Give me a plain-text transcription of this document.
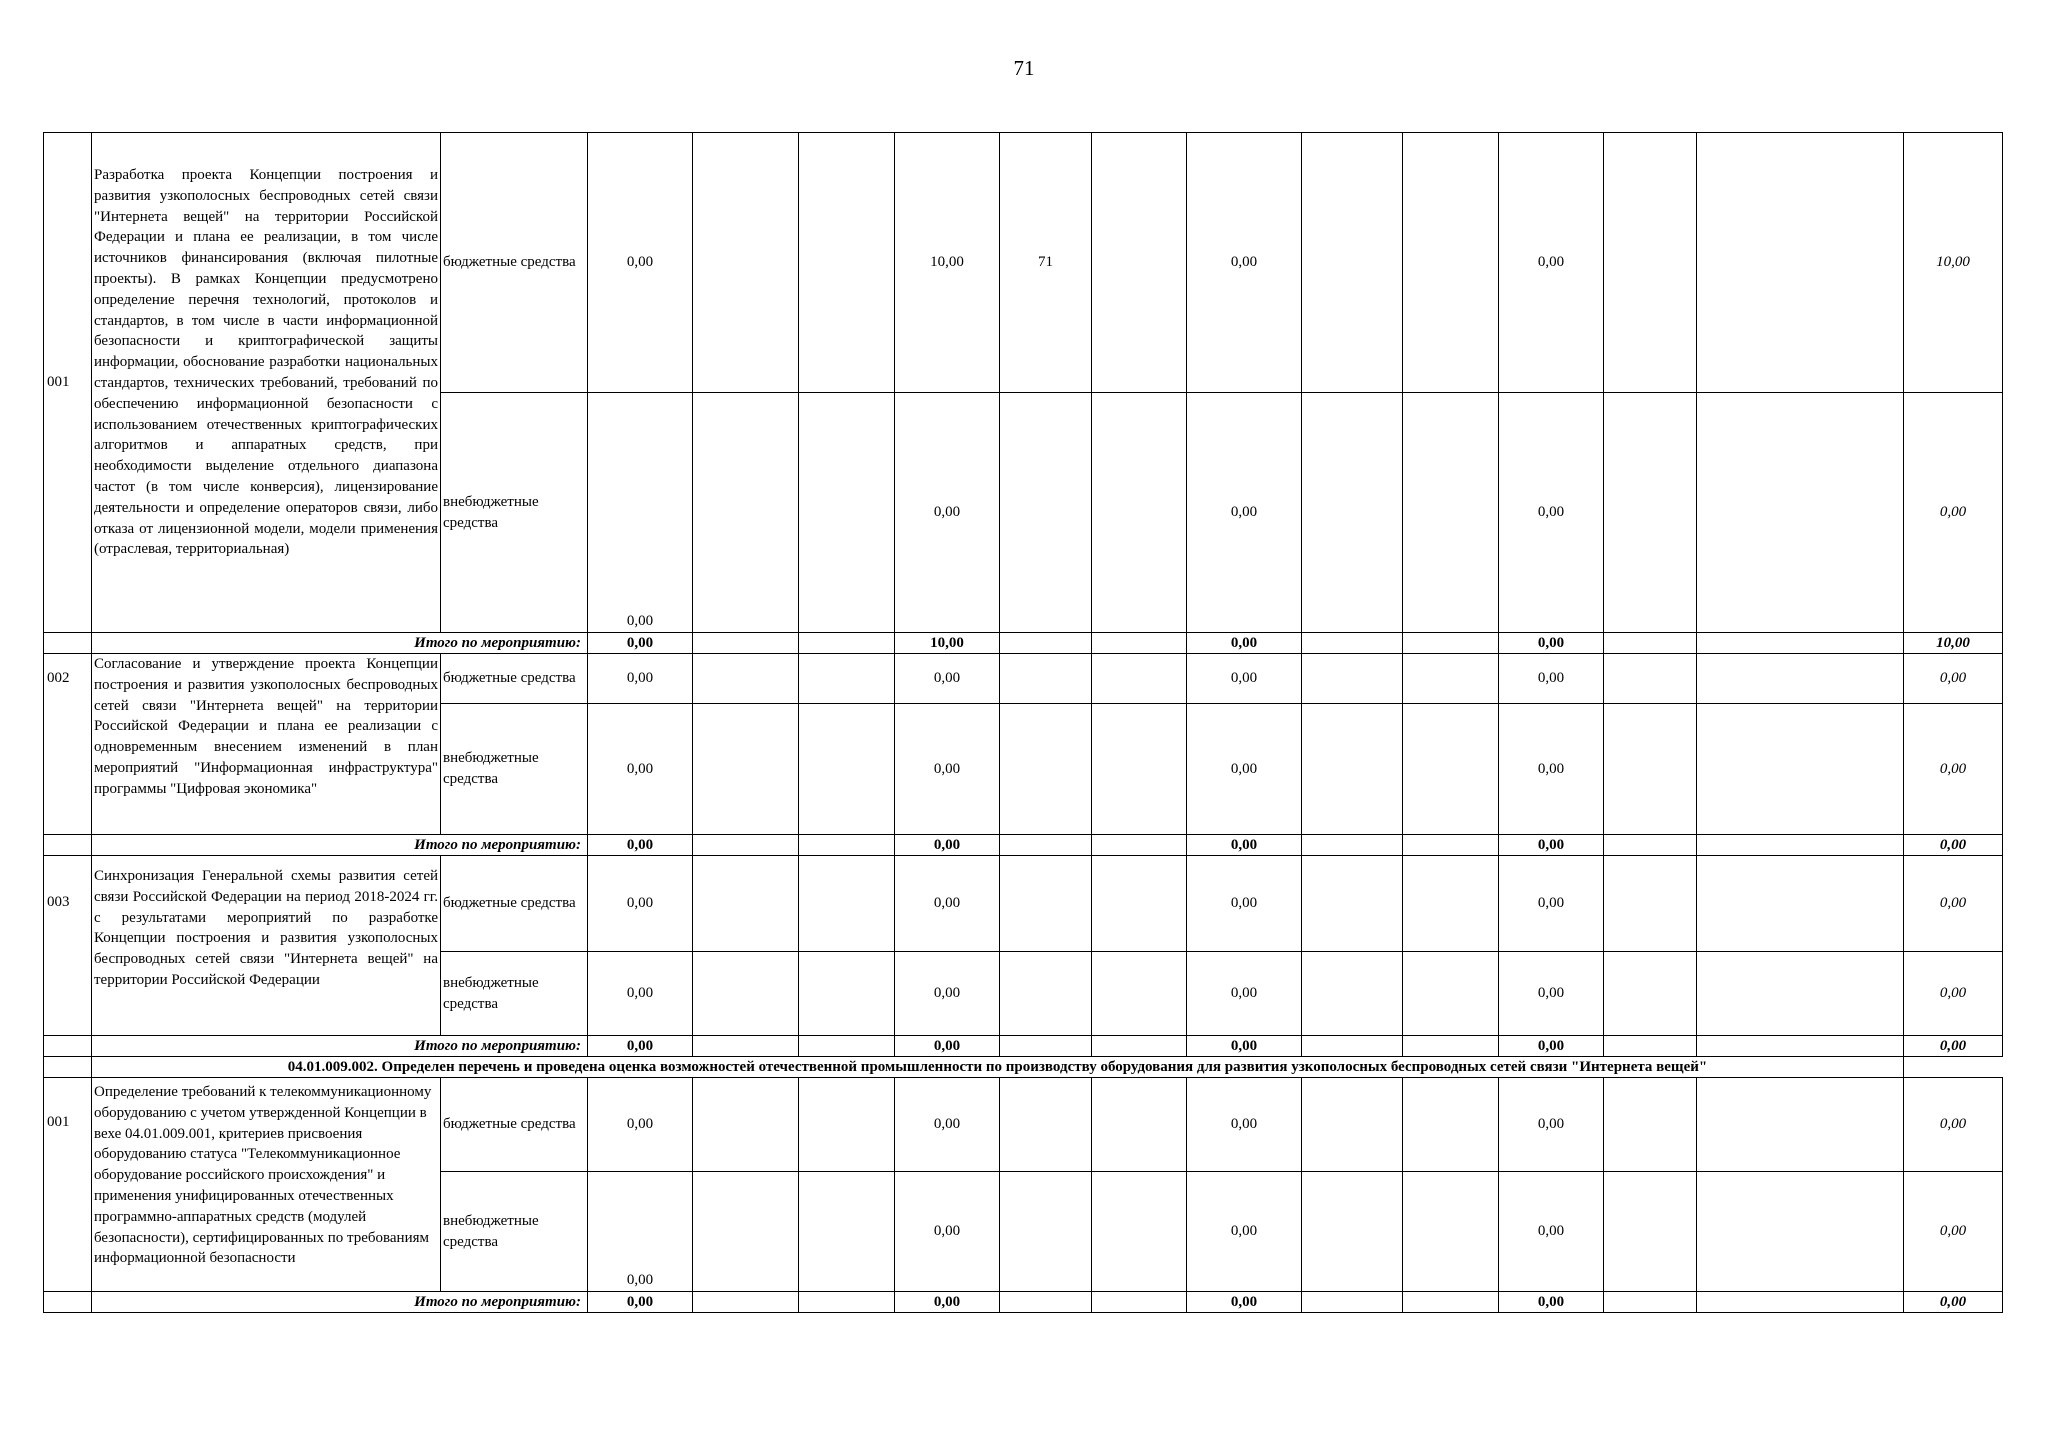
71
001	Разработка проекта Концепции построения и развития узкополосных беспроводных сетей связи "Интернета вещей" на территории Российской Федерации и плана ее реализации, в том числе источников финансирования (включая пилотные проекты). В рамках Концепции предусмотрено определение перечня технологий, протоколов и стандартов, в том числе в части информационной безопасности и криптографической защиты информации, обоснование разработки национальных стандартов, технических требований, требований по обеспечению информационной безопасности с использованием отечественных криптографических алгоритмов и аппаратных средств, при необходимости выделение отдельного диапазона частот (в том числе конверсия), лицензирование деятельности и определение операторов связи, либо отказа от лицензионной модели, модели применения (отраслевая, территориальная)	бюджетные средства	0,00			10,00	71		0,00			0,00			10,00
		внебюджетные средства	0,00			0,00			0,00			0,00			0,00
	Итого по мероприятию:		0,00			10,00			0,00			0,00			10,00
002	Согласование и утверждение проекта Концепции построения и развития узкополосных беспроводных сетей связи "Интернета вещей" на территории Российской Федерации и плана ее реализации с одновременным внесением изменений в план мероприятий "Информационная инфраструктура" программы "Цифровая экономика"	бюджетные средства	0,00			0,00			0,00			0,00			0,00
		внебюджетные средства	0,00			0,00			0,00			0,00			0,00
	Итого по мероприятию:		0,00			0,00			0,00			0,00			0,00
003	Синхронизация Генеральной схемы развития сетей связи Российской Федерации на период 2018-2024 гг. с результатами мероприятий по разработке Концепции построения и развития узкополосных беспроводных сетей связи "Интернета вещей" на территории Российской Федерации	бюджетные средства	0,00			0,00			0,00			0,00			0,00
		внебюджетные средства	0,00			0,00			0,00			0,00			0,00
	Итого по мероприятию:		0,00			0,00			0,00			0,00			0,00
	04.01.009.002. Определен перечень и проведена оценка возможностей отечественной промышленности по производству оборудования для развития узкополосных беспроводных сетей связи "Интернета вещей"														
001	Определение требований к телекоммуникационному оборудованию с учетом утвержденной Концепции в вехе 04.01.009.001, критериев присвоения оборудованию статуса "Телекоммуникационное оборудование российского происхождения" и применения унифицированных отечественных программно-аппаратных средств (модулей безопасности), сертифицированных по требованиям информационной безопасности	бюджетные средства	0,00			0,00			0,00			0,00			0,00
		внебюджетные средства	0,00			0,00			0,00			0,00			0,00
	Итого по мероприятию:		0,00			0,00			0,00			0,00			0,00
